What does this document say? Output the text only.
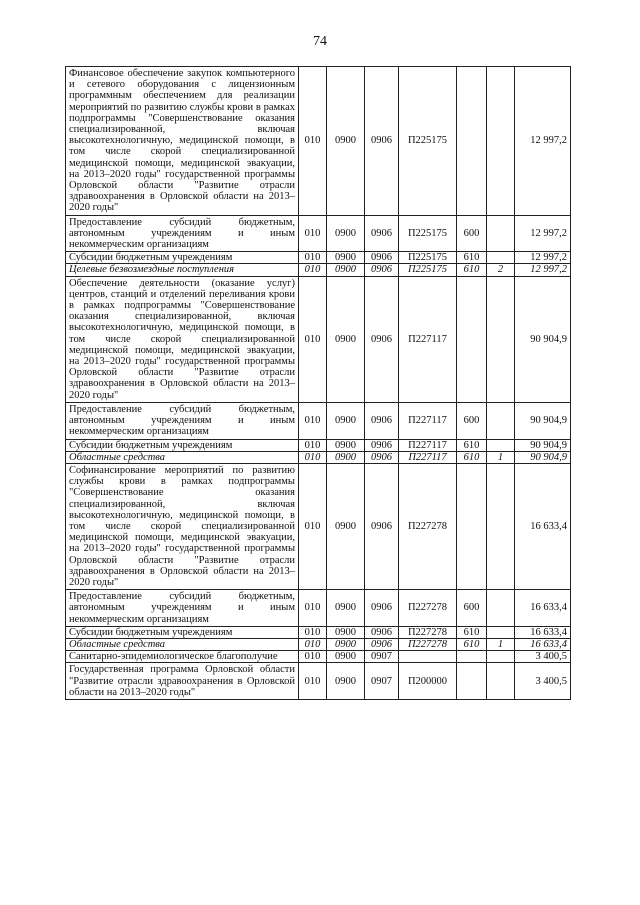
74
Финансовое обеспечение закупок компьютерного и сетевого оборудования с лицензионным программным обеспечением для реализации мероприятий по развитию службы крови в рамках подпрограммы "Совершенствование оказания специализированной, включая высокотехнологичную, медицинской помощи, в том числе скорой специализированной медицинской помощи, медицинской эвакуации, на 2013–2020 годы" государственной программы Орловской области "Развитие отрасли здравоохранения в Орловской области на 2013–2020 годы"	010	0900	0906	П225175			12 997,2
Предоставление субсидий бюджетным, автономным учреждениям и иным некоммерческим организациям	010	0900	0906	П225175	600		12 997,2
Субсидии бюджетным учреждениям	010	0900	0906	П225175	610		12 997,2
Целевые безвозмездные поступления	010	0900	0906	П225175	610	2	12 997,2
Обеспечение деятельности (оказание услуг) центров, станций и отделений переливания крови в рамках подпрограммы "Совершенствование оказания специализированной, включая высокотехнологичную, медицинской помощи, в том числе скорой специализированной медицинской помощи, медицинской эвакуации, на 2013–2020 годы" государственной программы Орловской области "Развитие отрасли здравоохранения в Орловской области на 2013–2020 годы"	010	0900	0906	П227117			90 904,9
Предоставление субсидий бюджетным, автономным учреждениям и иным некоммерческим организациям	010	0900	0906	П227117	600		90 904,9
Субсидии бюджетным учреждениям	010	0900	0906	П227117	610		90 904,9
Областные средства	010	0900	0906	П227117	610	1	90 904,9
Софинансирование мероприятий по развитию службы крови в рамках подпрограммы "Совершенствование оказания специализированной, включая высокотехнологичную, медицинской помощи, в том числе скорой специализированной медицинской помощи, медицинской эвакуации, на 2013–2020 годы" государственной программы Орловской области "Развитие отрасли здравоохранения в Орловской области на 2013–2020 годы"	010	0900	0906	П227278			16 633,4
Предоставление субсидий бюджетным, автономным учреждениям и иным некоммерческим организациям	010	0900	0906	П227278	600		16 633,4
Субсидии бюджетным учреждениям	010	0900	0906	П227278	610		16 633,4
Областные средства	010	0900	0906	П227278	610	1	16 633,4
Санитарно-эпидемиологическое благополучие	010	0900	0907				3 400,5
Государственная программа Орловской области "Развитие отрасли здравоохранения в Орловской области на 2013–2020 годы"	010	0900	0907	П200000			3 400,5
